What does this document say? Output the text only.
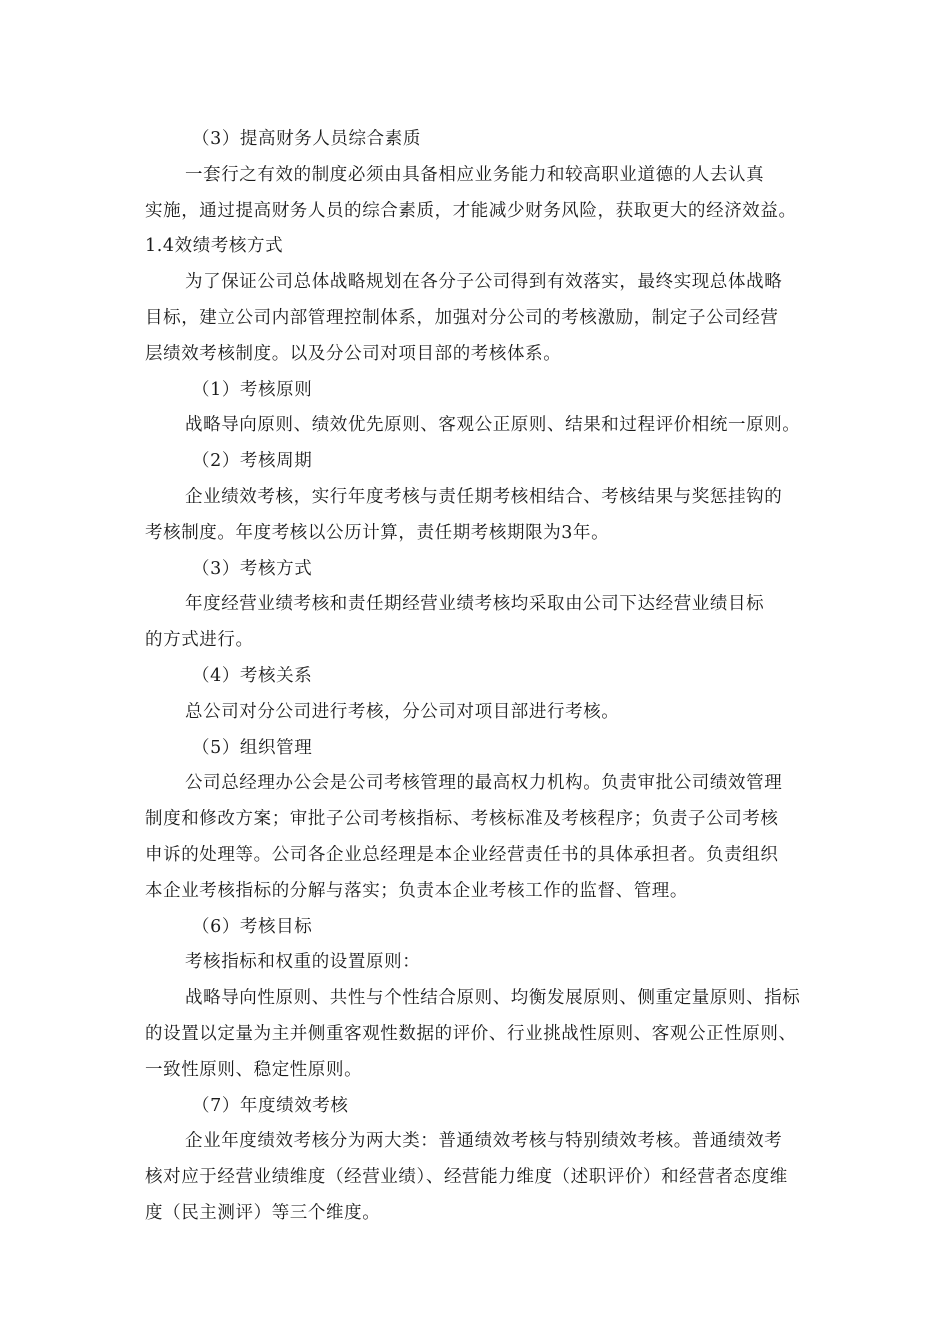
（3）提高财务人员综合素质

一套行之有效的制度必须由具备相应业务能力和较高职业道德的人去认真

实施，通过提高财务人员的综合素质，才能减少财务风险，获取更大的经济效益。

1.4效绩考核方式

为了保证公司总体战略规划在各分子公司得到有效落实，最终实现总体战略

目标，建立公司内部管理控制体系，加强对分公司的考核激励，制定子公司经营

层绩效考核制度。以及分公司对项目部的考核体系。

（1）考核原则

战略导向原则、绩效优先原则、客观公正原则、结果和过程评价相统一原则。

（2）考核周期

企业绩效考核，实行年度考核与责任期考核相结合、考核结果与奖惩挂钩的

考核制度。年度考核以公历计算，责任期考核期限为3年。

（3）考核方式

年度经营业绩考核和责任期经营业绩考核均采取由公司下达经营业绩目标

的方式进行。

（4）考核关系

总公司对分公司进行考核，分公司对项目部进行考核。

（5）组织管理

公司总经理办公会是公司考核管理的最高权力机构。负责审批公司绩效管理

制度和修改方案；审批子公司考核指标、考核标准及考核程序；负责子公司考核

申诉的处理等。公司各企业总经理是本企业经营责任书的具体承担者。负责组织

本企业考核指标的分解与落实；负责本企业考核工作的监督、管理。

（6）考核目标

考核指标和权重的设置原则：

战略导向性原则、共性与个性结合原则、均衡发展原则、侧重定量原则、指标

的设置以定量为主并侧重客观性数据的评价、行业挑战性原则、客观公正性原则、

一致性原则、稳定性原则。

（7）年度绩效考核

企业年度绩效考核分为两大类：普通绩效考核与特别绩效考核。普通绩效考

核对应于经营业绩维度（经营业绩）、经营能力维度（述职评价）和经营者态度维

度（民主测评）等三个维度。
